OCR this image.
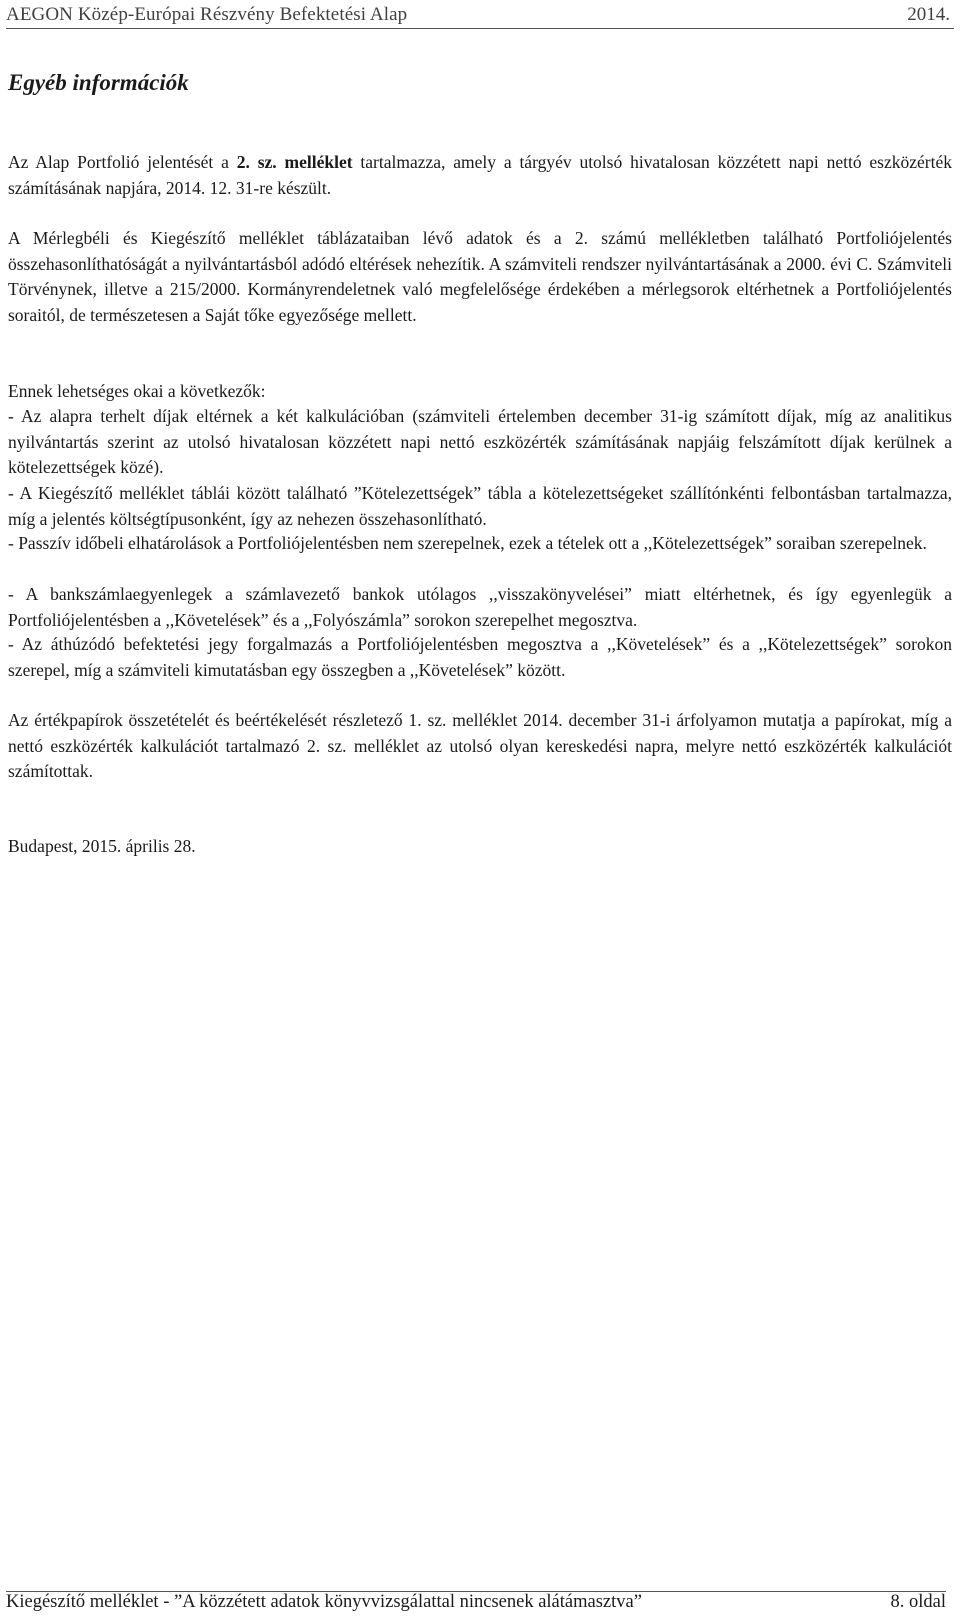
AEGON Közép-Európai Részvény Befektetési Alap	2014.
Egyéb információk

Az Alap Portfolió jelentését a 2. sz. melléklet tartalmazza, amely a tárgyév utolsó hivatalosan közzétett napi nettó eszközérték számításának napjára, 2014. 12. 31-re készült.

A Mérlegbéli és Kiegészítő melléklet táblázataiban lévő adatok és a 2. számú mellékletben található Portfoliójelentés összehasonlíthatóságát a nyilvántartásból adódó eltérések nehezítik. A számviteli rendszer nyilvántartásának a 2000. évi C. Számviteli Törvénynek, illetve a 215/2000. Kormányrendeletnek való megfelelősége érdekében a mérlegsorok eltérhetnek a Portfoliójelentés soraitól, de természetesen a Saját tőke egyezősége mellett.

Ennek lehetséges okai a következők:

- Az alapra terhelt díjak eltérnek a két kalkulációban (számviteli értelemben december 31-ig számított díjak, míg az analitikus nyilvántartás szerint az utolsó hivatalosan közzétett napi nettó eszközérték számításának napjáig felszámított díjak kerülnek a kötelezettségek közé).

- A Kiegészítő melléklet táblái között található ”Kötelezettségek” tábla a kötelezettségeket szállítónkénti felbontásban tartalmazza, míg a jelentés költségtípusonként, így az nehezen összehasonlítható.

- Passzív időbeli elhatárolások a Portfoliójelentésben nem szerepelnek, ezek a tételek ott a ,,Kötelezettségek” soraiban szerepelnek.

- A bankszámlaegyenlegek a számlavezető bankok utólagos ,,visszakönyvelései” miatt eltérhetnek, és így egyenlegük a Portfoliójelentésben a ,,Követelések” és a ,,Folyószámla” sorokon szerepelhet megosztva.

- Az áthúzódó befektetési jegy forgalmazás a Portfoliójelentésben megosztva a ,,Követelések” és a ,,Kötelezettségek” sorokon szerepel, míg a számviteli kimutatásban egy összegben a ,,Követelések” között.

Az értékpapírok összetételét és beértékelését részletező 1. sz. melléklet 2014. december 31-i árfolyamon mutatja a papírokat, míg a nettó eszközérték kalkulációt tartalmazó 2. sz. melléklet az utolsó olyan kereskedési napra, melyre nettó eszközérték kalkulációt számítottak.

Budapest, 2015. április 28.

Kiegészítő melléklet - ”A közzétett adatok könyvvizsgálattal nincsenek alátámasztva”	8. oldal
